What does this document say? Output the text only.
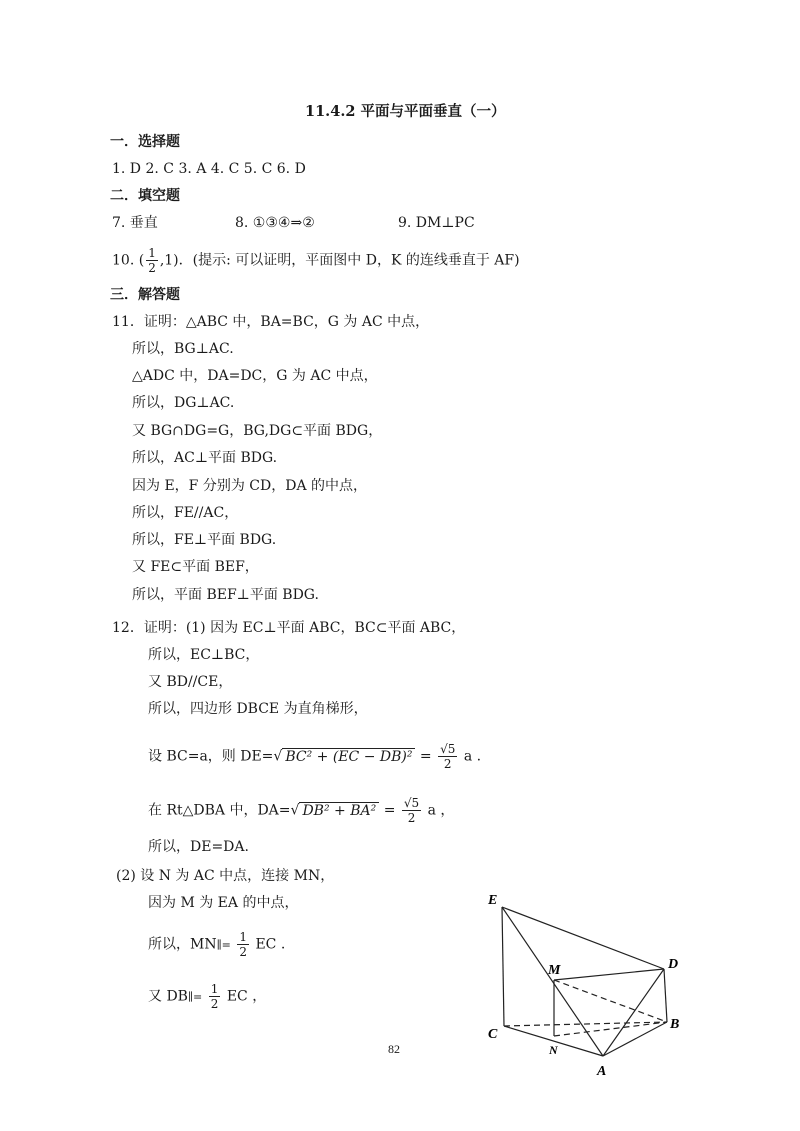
11.4.2 平面与平面垂直（一）
一．选择题
1. D 2. C 3. A 4. C 5. C 6. D
二．填空题
7. 垂直	8. ①③④⇒②	9. DM⊥PC
10. ( $\frac{1}{2} ,1$)．(提示: 可以证明，平面图中 D，K 的连线垂直于 AF)
三．解答题
11．证明：△ABC 中，BA=BC，G 为 AC 中点，
所以，BG⊥AC.
△ADC 中，DA=DC，G 为 AC 中点，
所以，DG⊥AC.
又 BG∩DG=G，BG,DG⊂平面 BDG，
所以，AC⊥平面 BDG.
因为 E，F 分别为 CD，DA 的中点，
所以，FE//AC，
所以，FE⊥平面 BDG.
又 FE⊂平面 BEF，
所以，平面 BEF⊥平面 BDG.
12．证明：(1) 因为 EC⊥平面 ABC，BC⊂平面 ABC，
所以，EC⊥BC，
又 BD//CE，
所以，四边形 DBCE 为直角梯形，
设 BC=a，则 DE=√ $BC^2 + (EC - DB)^2 = \frac{√5}{2}$ a .
在 Rt△DBA 中，DA=√ $DB^2 + BA^2 = \frac{√5}{2}$ a ，
所以，DE=DA.
(2) 设 N 为 AC 中点，连接 MN，
因为 M 为 EA 的中点，
所以，MN∥= $\frac{1}{2}$ EC .
又 DB∥= $\frac{1}{2}$ EC ，
E
D
M
B
C
N
A
82
